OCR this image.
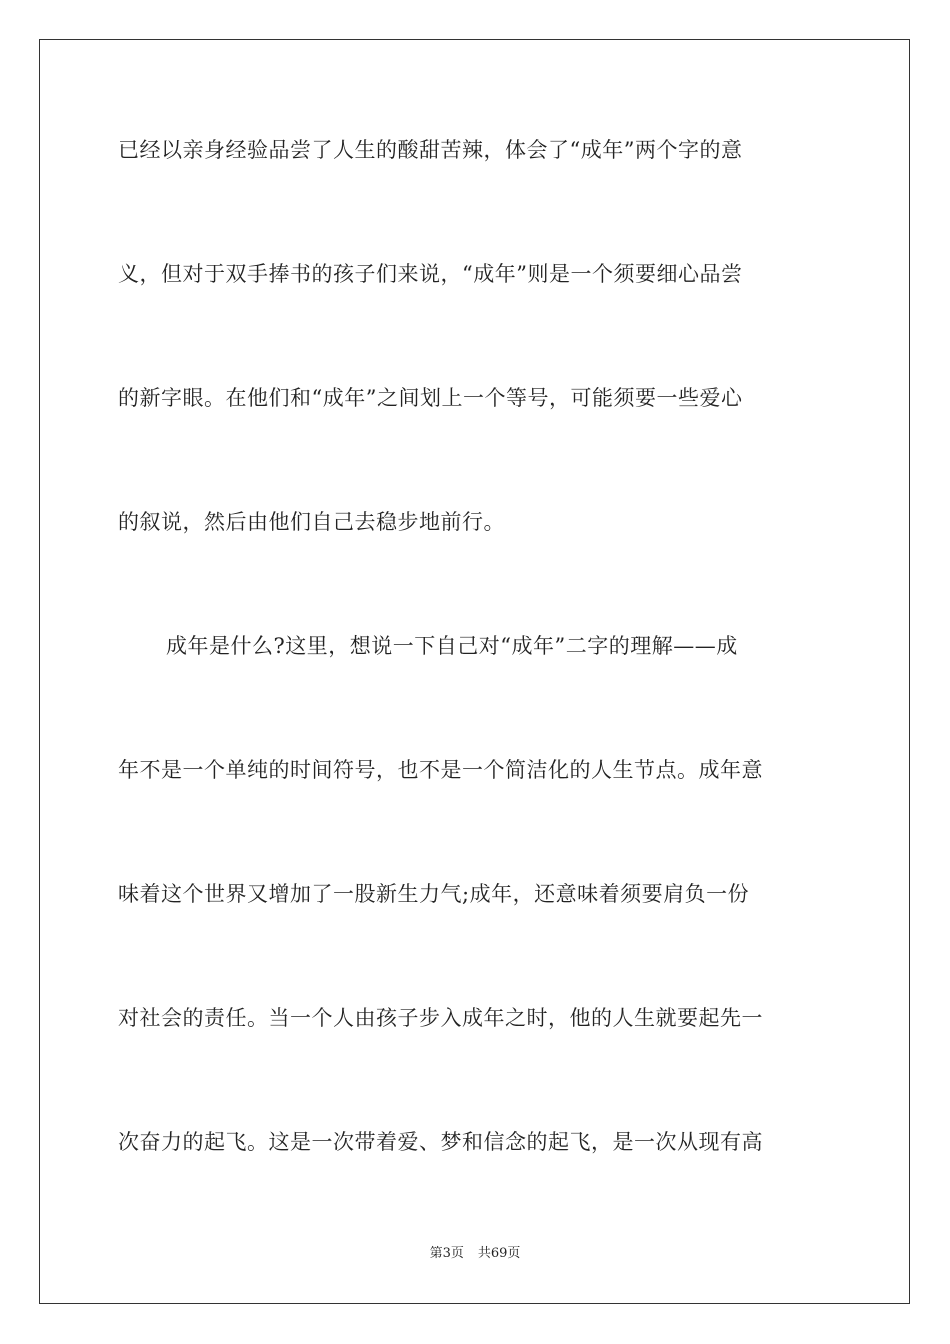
已经以亲身经验品尝了人生的酸甜苦辣，体会了“成年”两个字的意
义，但对于双手捧书的孩子们来说，“成年”则是一个须要细心品尝
的新字眼。在他们和“成年”之间划上一个等号，可能须要一些爱心
的叙说，然后由他们自己去稳步地前行。
成年是什么?这里，想说一下自己对“成年”二字的理解——成
年不是一个单纯的时间符号，也不是一个简洁化的人生节点。成年意
味着这个世界又增加了一股新生力气;成年，还意味着须要肩负一份
对社会的责任。当一个人由孩子步入成年之时，他的人生就要起先一
次奋力的起飞。这是一次带着爱、梦和信念的起飞，是一次从现有高
第3页 共69页
